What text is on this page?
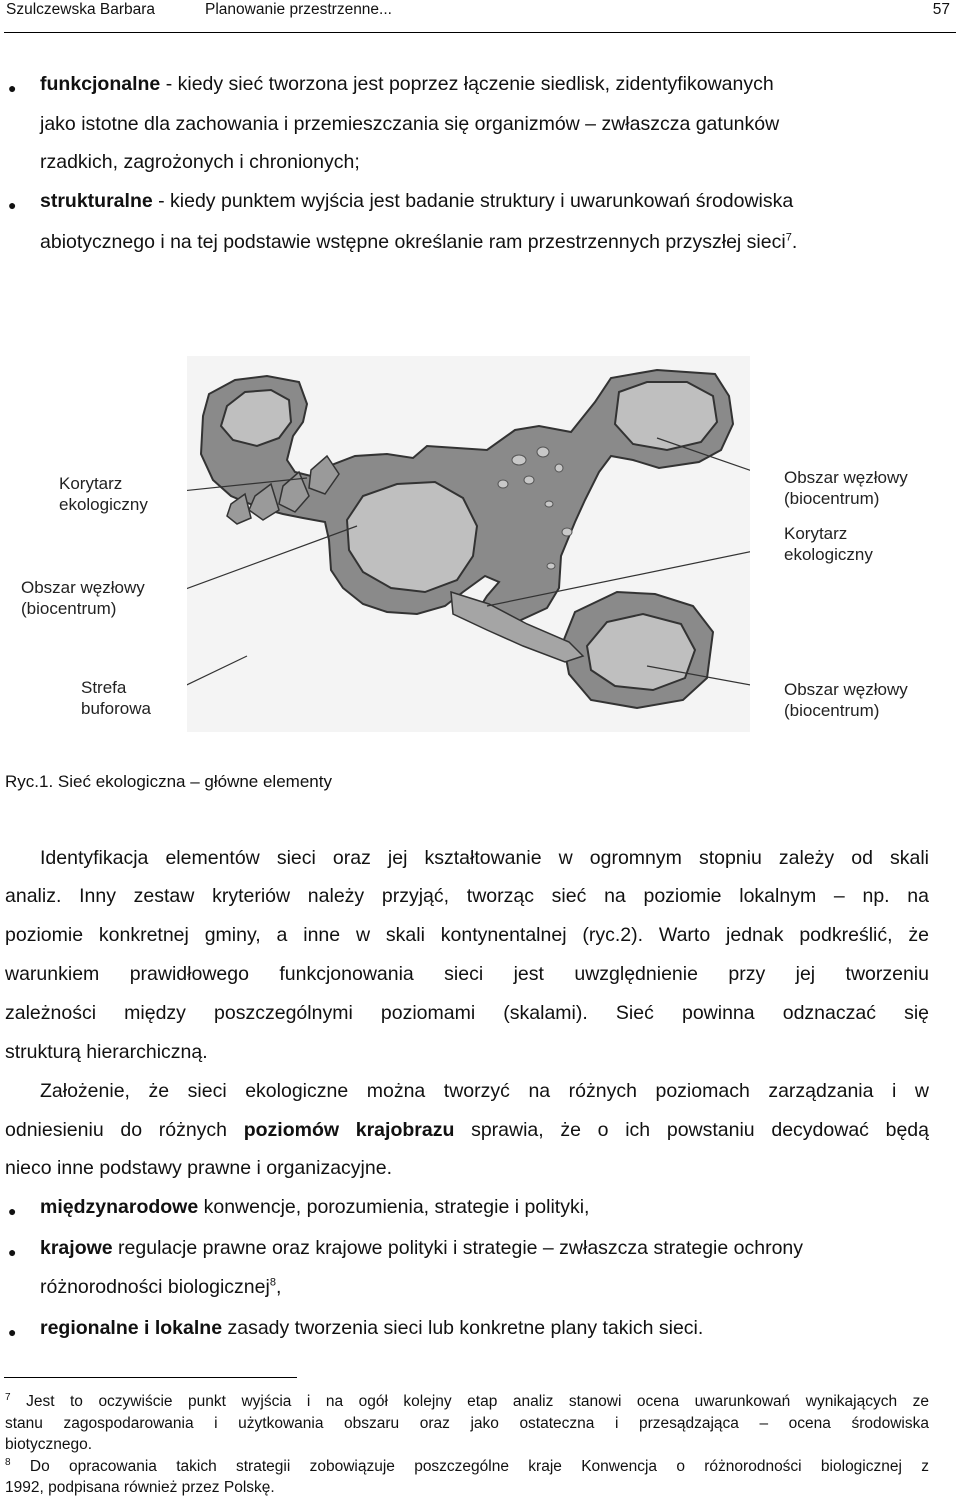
Szulczewska Barbara	Planowanie przestrzenne...	57
● funkcjonalne - kiedy sieć tworzona jest poprzez łączenie siedlisk, zidentyfikowanych
jako istotne dla zachowania i przemieszczania się organizmów – zwłaszcza gatunków
rzadkich, zagrożonych i chronionych;
● strukturalne - kiedy punktem wyjścia jest badanie struktury i uwarunkowań środowiska
abiotycznego i na tej podstawie wstępne określanie ram przestrzennych przyszłej sieci$^7$.
Korytarz
ekologiczny
Obszar węzłowy
(biocentrum)
Strefa
buforowa
Obszar węzłowy
(biocentrum)
Korytarz
ekologiczny
Obszar węzłowy
(biocentrum)
Ryc.1. Sieć ekologiczna – główne elementy
Identyfikacja elementów sieci oraz jej kształtowanie w ogromnym stopniu zależy od skali
analiz. Inny zestaw kryteriów należy przyjąć, tworząc sieć na poziomie lokalnym – np. na
poziomie konkretnej gminy, a inne w skali kontynentalnej (ryc.2). Warto jednak podkreślić, że
warunkiem prawidłowego funkcjonowania sieci jest uwzględnienie przy jej tworzeniu
zależności między poszczególnymi poziomami (skalami). Sieć powinna odznaczać się
strukturą hierarchiczną.
Założenie, że sieci ekologiczne można tworzyć na różnych poziomach zarządzania i w
odniesieniu do różnych poziomów krajobrazu sprawia, że o ich powstaniu decydować będą
nieco inne podstawy prawne i organizacyjne.
● międzynarodowe konwencje, porozumienia, strategie i polityki,
● krajowe regulacje prawne oraz krajowe polityki i strategie – zwłaszcza strategie ochrony
różnorodności biologicznej$^8$,
● regionalne i lokalne zasady tworzenia sieci lub konkretne plany takich sieci.
$^7$ Jest to oczywiście punkt wyjścia i na ogół kolejny etap analiz stanowi ocena uwarunkowań wynikających ze
stanu zagospodarowania i użytkowania obszaru oraz jako ostateczna i przesądzająca – ocena środowiska
biotycznego.
$^8$ Do opracowania takich strategii zobowiązuje poszczególne kraje Konwencja o różnorodności biologicznej z
1992, podpisana również przez Polskę.
